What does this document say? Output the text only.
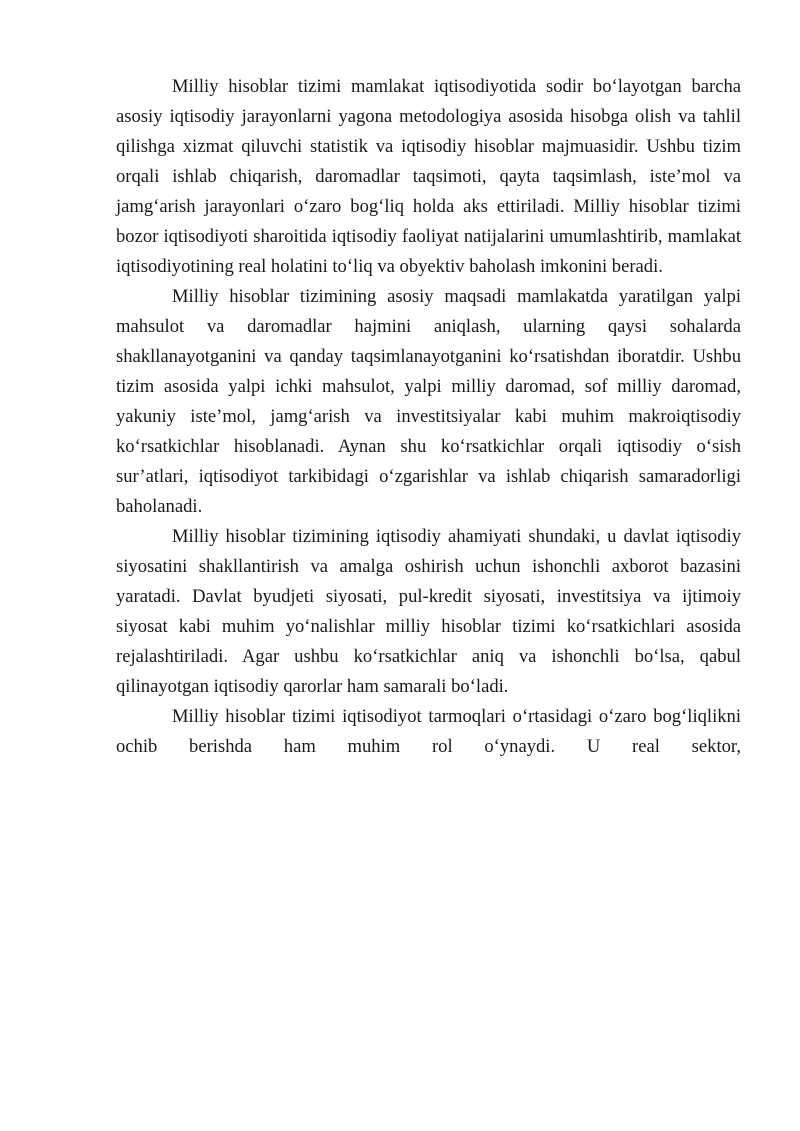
Milliy hisoblar tizimi mamlakat iqtisodiyotida sodir bo‘layotgan barcha asosiy iqtisodiy jarayonlarni yagona metodologiya asosida hisobga olish va tahlil qilishga xizmat qiluvchi statistik va iqtisodiy hisoblar majmuasidir. Ushbu tizim orqali ishlab chiqarish, daromadlar taqsimoti, qayta taqsimlash, iste’mol va jamg‘arish jarayonlari o‘zaro bog‘liq holda aks ettiriladi. Milliy hisoblar tizimi bozor iqtisodiyoti sharoitida iqtisodiy faoliyat natijalarini umumlashtirib, mamlakat iqtisodiyotining real holatini to‘liq va obyektiv baholash imkonini beradi.

Milliy hisoblar tizimining asosiy maqsadi mamlakatda yaratilgan yalpi mahsulot va daromadlar hajmini aniqlash, ularning qaysi sohalarda shakllanayotganini va qanday taqsimlanayotganini ko‘rsatishdan iboratdir. Ushbu tizim asosida yalpi ichki mahsulot, yalpi milliy daromad, sof milliy daromad, yakuniy iste’mol, jamg‘arish va investitsiyalar kabi muhim makroiqtisodiy ko‘rsatkichlar hisoblanadi. Aynan shu ko‘rsatkichlar orqali iqtisodiy o‘sish sur’atlari, iqtisodiyot tarkibidagi o‘zgarishlar va ishlab chiqarish samaradorligi baholanadi.

Milliy hisoblar tizimining iqtisodiy ahamiyati shundaki, u davlat iqtisodiy siyosatini shakllantirish va amalga oshirish uchun ishonchli axborot bazasini yaratadi. Davlat byudjeti siyosati, pul-kredit siyosati, investitsiya va ijtimoiy siyosat kabi muhim yo‘nalishlar milliy hisoblar tizimi ko‘rsatkichlari asosida rejalashtiriladi. Agar ushbu ko‘rsatkichlar aniq va ishonchli bo‘lsa, qabul qilinayotgan iqtisodiy qarorlar ham samarali bo‘ladi.

Milliy hisoblar tizimi iqtisodiyot tarmoqlari o‘rtasidagi o‘zaro bog‘liqlikni ochib berishda ham muhim rol o‘ynaydi. U real sektor,
